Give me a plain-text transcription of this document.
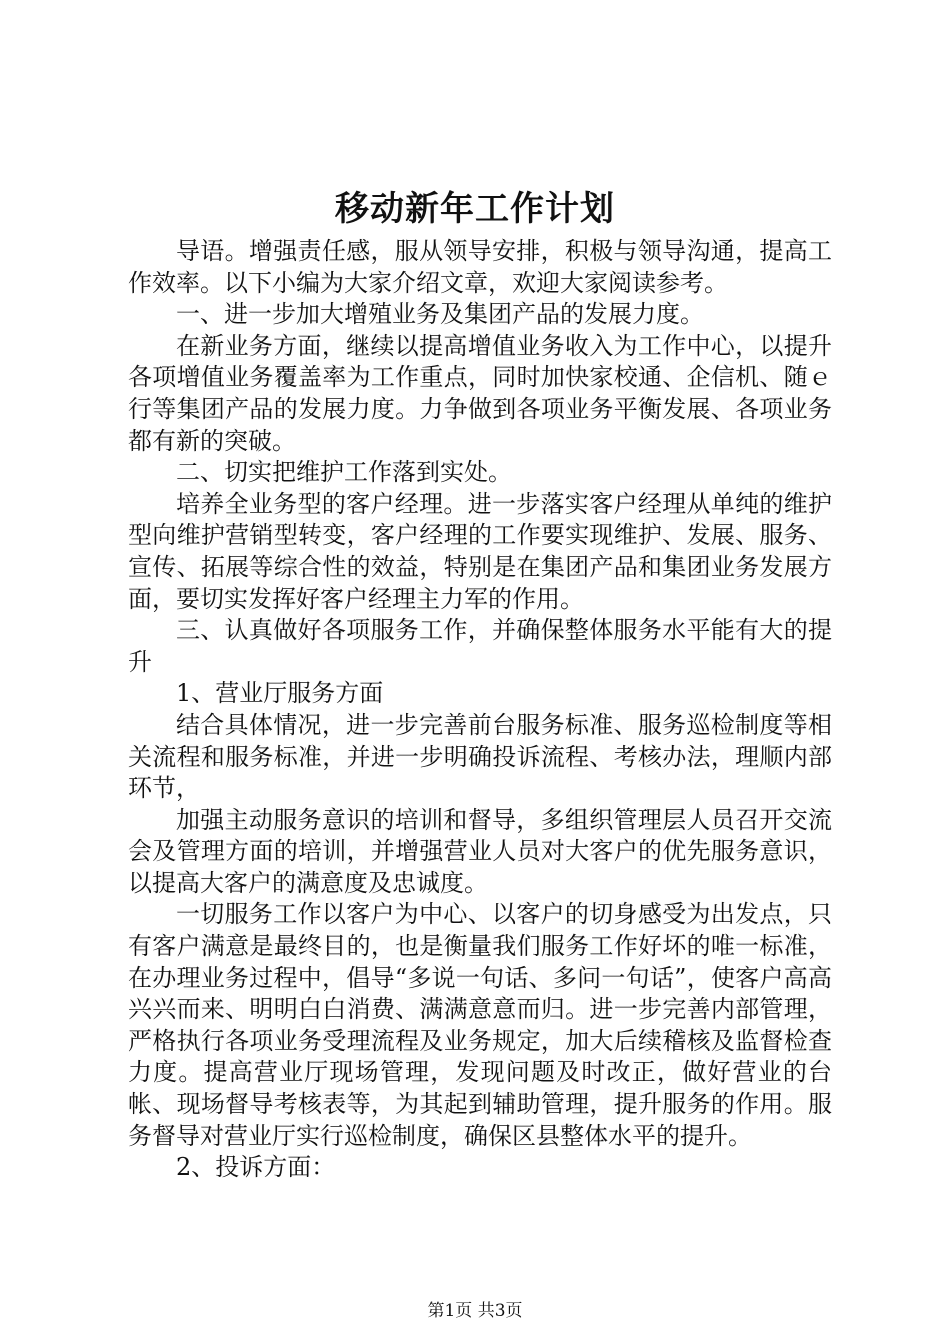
移动新年工作计划

导语。增强责任感，服从领导安排，积极与领导沟通，提高工作效率。以下小编为大家介绍文章，欢迎大家阅读参考。

一、进一步加大增殖业务及集团产品的发展力度。

在新业务方面，继续以提高增值业务收入为工作中心，以提升各项增值业务覆盖率为工作重点，同时加快家校通、企信机、随ｅ行等集团产品的发展力度。力争做到各项业务平衡发展、各项业务都有新的突破。

二、切实把维护工作落到实处。

培养全业务型的客户经理。进一步落实客户经理从单纯的维护型向维护营销型转变，客户经理的工作要实现维护、发展、服务、宣传、拓展等综合性的效益，特别是在集团产品和集团业务发展方面，要切实发挥好客户经理主力军的作用。

三、认真做好各项服务工作，并确保整体服务水平能有大的提升

1、营业厅服务方面

结合具体情况，进一步完善前台服务标准、服务巡检制度等相关流程和服务标准，并进一步明确投诉流程、考核办法，理顺内部环节，

加强主动服务意识的培训和督导，多组织管理层人员召开交流会及管理方面的培训，并增强营业人员对大客户的优先服务意识，以提高大客户的满意度及忠诚度。

一切服务工作以客户为中心、以客户的切身感受为出发点，只有客户满意是最终目的，也是衡量我们服务工作好坏的唯一标准，在办理业务过程中，倡导“多说一句话、多问一句话”，使客户高高兴兴而来、明明白白消费、满满意意而归。进一步完善内部管理，严格执行各项业务受理流程及业务规定，加大后续稽核及监督检查力度。提高营业厅现场管理，发现问题及时改正，做好营业的台帐、现场督导考核表等，为其起到辅助管理，提升服务的作用。服务督导对营业厅实行巡检制度，确保区县整体水平的提升。

2、投诉方面：

第1页 共3页
